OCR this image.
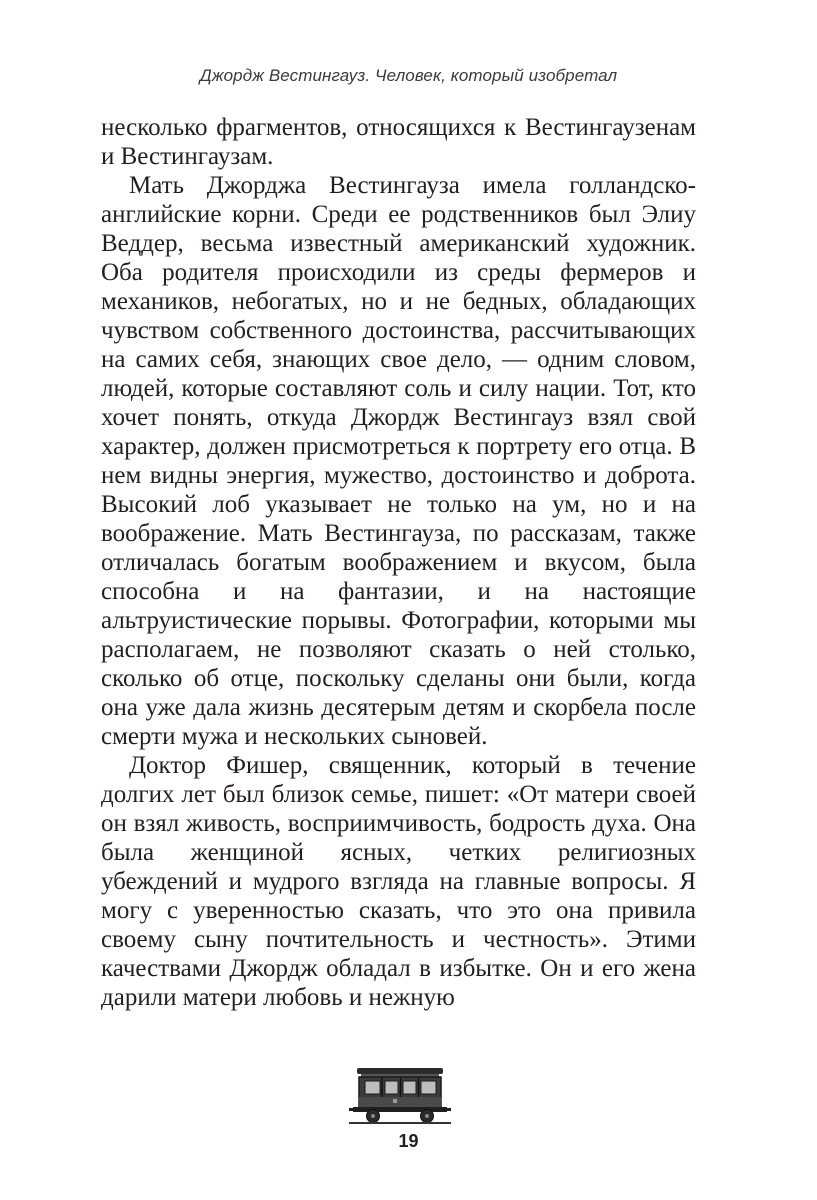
Джордж Вестингауз. Человек, который изобретал

несколько фрагментов, относящихся к Вестингаузенам и Вестингаузам.

Мать Джорджа Вестингауза имела голландско-английские корни. Среди ее родственников был Элиу Веддер, весьма известный американский художник. Оба родителя происходили из среды фермеров и механиков, небогатых, но и не бедных, обладающих чувством собственного достоинства, рассчитывающих на самих себя, знающих свое дело, — одним словом, людей, которые составляют соль и силу нации. Тот, кто хочет понять, откуда Джордж Вестингауз взял свой характер, должен присмотреться к портрету его отца. В нем видны энергия, мужество, достоинство и доброта. Высокий лоб указывает не только на ум, но и на воображение. Мать Вестингауза, по рассказам, также отличалась богатым воображением и вкусом, была способна и на фантазии, и на настоящие альтруистические порывы. Фотографии, которыми мы располагаем, не позволяют сказать о ней столько, сколько об отце, поскольку сделаны они были, когда она уже дала жизнь десятерым детям и скорбела после смерти мужа и нескольких сыновей.

Доктор Фишер, священник, который в течение долгих лет был близок семье, пишет: «От матери своей он взял живость, восприимчивость, бодрость духа. Она была женщиной ясных, четких религиозных убеждений и мудрого взгляда на главные вопросы. Я могу с уверенностью сказать, что это она привила своему сыну почтительность и честность». Этими качествами Джордж обладал в избытке. Он и его жена дарили матери любовь и нежную

19
